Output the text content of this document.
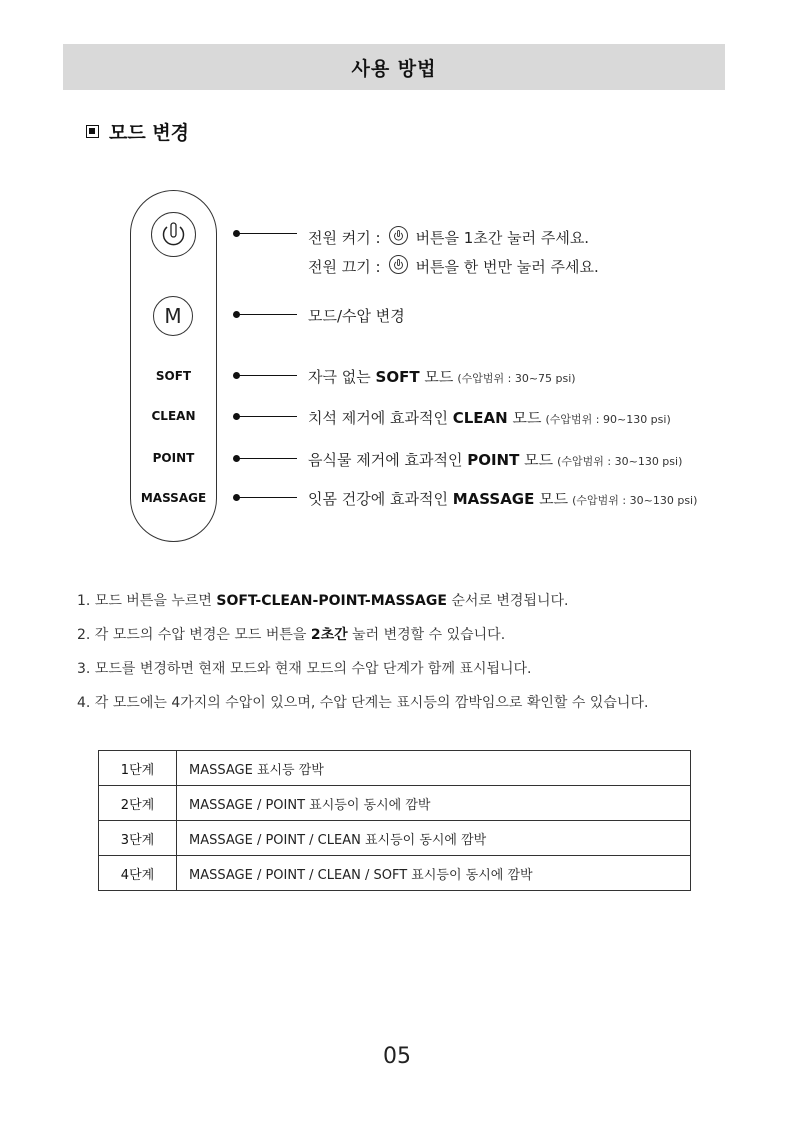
사용 방법
모드 변경
M
SOFT
CLEAN
POINT
MASSAGE
전원 켜기 : 버튼을 1초간 눌러 주세요.
전원 끄기 : 버튼을 한 번만 눌러 주세요.
모드/수압 변경
자극 없는
SOFT
모드 (수압범위 : 30~75 psi)
치석 제거에 효과적인
CLEAN
모드 (수압범위 : 90~130 psi)
음식물 제거에 효과적인
POINT
모드 (수압범위 : 30~130 psi)
잇몸 건강에 효과적인
MASSAGE
모드 (수압범위 : 30~130 psi)
1. 모드 버튼을 누르면 SOFT-CLEAN-POINT-MASSAGE 순서로 변경됩니다.
2. 각 모드의 수압 변경은 모드 버튼을 2초간 눌러 변경할 수 있습니다.
3. 모드를 변경하면 현재 모드와 현재 모드의 수압 단계가 함께 표시됩니다.
4. 각 모드에는 4가지의 수압이 있으며, 수압 단계는 표시등의 깜박임으로 확인할 수 있습니다.
1단계	MASSAGE 표시등 깜박
2단계	MASSAGE / POINT 표시등이 동시에 깜박
3단계	MASSAGE / POINT / CLEAN 표시등이 동시에 깜박
4단계	MASSAGE / POINT / CLEAN / SOFT 표시등이 동시에 깜박
05
